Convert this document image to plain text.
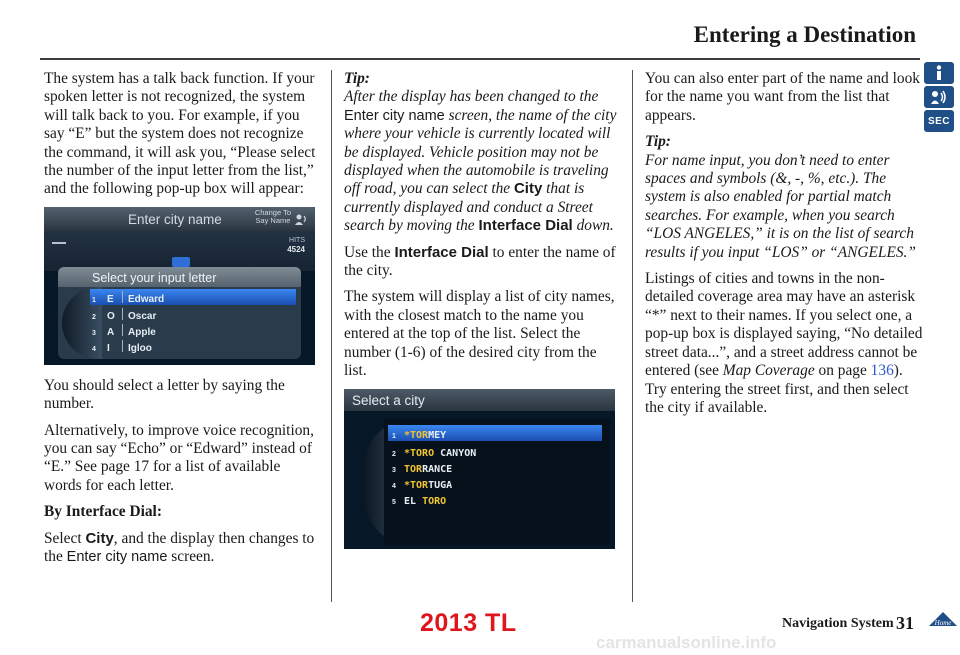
Entering a Destination
SEC

The system has a talk back function. If your spoken letter is not recognized, the system will talk back to you. For example, if you say “E” but the system does not recognize the command, it will ask you, “Please select the number of the input letter from the list,” and the following pop-up box will appear:

Enter city name	Change To
Say Name
HITS
4524
Select your input letter
1 E Edward
2 O Oscar
3 A Apple
4 I Igloo

You should select a letter by saying the number.

Alternatively, to improve voice recognition, you can say “Echo” or “Edward” instead of “E.” See page 17 for a list of available words for each letter.

By Interface Dial:

Select City, and the display then changes to the Enter city name screen.

Tip:
After the display has been changed to the Enter city name screen, the name of the city where your vehicle is currently located will be displayed. Vehicle position may not be displayed when the automobile is traveling off road, you can select the City that is currently displayed and conduct a Street search by moving the Interface Dial down.

Use the Interface Dial to enter the name of the city.

The system will display a list of city names, with the closest match to the name you entered at the top of the list. Select the number (1-6) of the desired city from the list.

Select a city
1 *TORMEY
2 *TORO CANYON
3 TORRANCE
4 *TORTUGA
5 EL TORO

You can also enter part of the name and look for the name you want from the list that appears.

Tip:
For name input, you don’t need to enter spaces and symbols (&, -, %, etc.). The system is also enabled for partial match searches. For example, when you search “LOS ANGELES,” it is on the list of search results if you input “LOS” or “ANGELES.”

Listings of cities and towns in the non-detailed coverage area may have an asterisk “*” next to their names. If you select one, a pop-up box is displayed saying, “No detailed street data...”, and a street address cannot be entered (see Map Coverage on page 136). Try entering the street first, and then select the city if available.

2013 TL	Navigation System 31	Home
carmanualsonline.info
